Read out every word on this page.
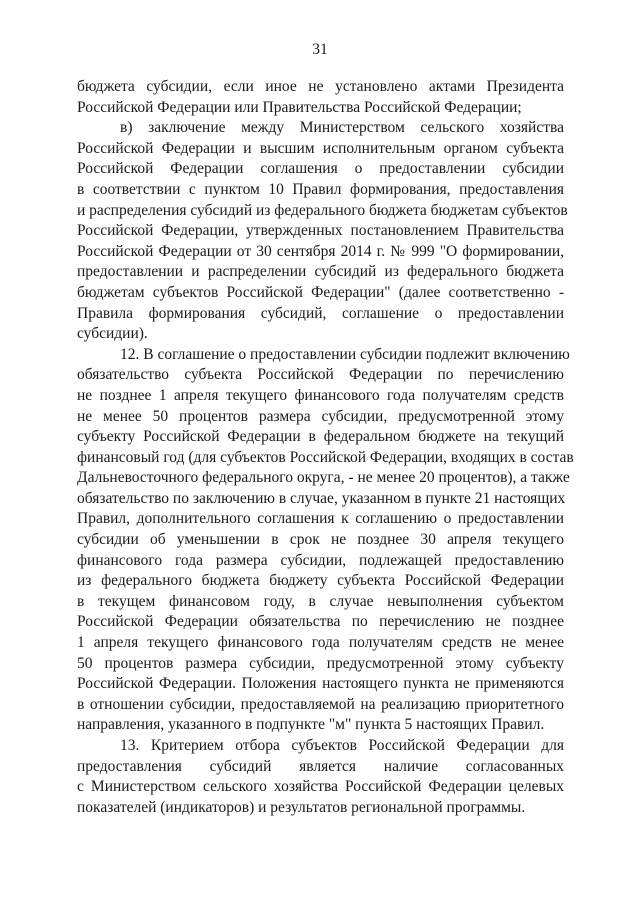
31
бюджета субсидии, если иное не установлено актами Президента
Российской Федерации или Правительства Российской Федерации;
в) заключение между Министерством сельского хозяйства
Российской Федерации и высшим исполнительным органом субъекта
Российской Федерации соглашения о предоставлении субсидии
в соответствии с пунктом 10 Правил формирования, предоставления
и распределения субсидий из федерального бюджета бюджетам субъектов
Российской Федерации, утвержденных постановлением Правительства
Российской Федерации от 30 сентября 2014 г. № 999 "О формировании,
предоставлении и распределении субсидий из федерального бюджета
бюджетам субъектов Российской Федерации" (далее соответственно -
Правила формирования субсидий, соглашение о предоставлении
субсидии).
12. В соглашение о предоставлении субсидии подлежит включению
обязательство субъекта Российской Федерации по перечислению
не позднее 1 апреля текущего финансового года получателям средств
не менее 50 процентов размера субсидии, предусмотренной этому
субъекту Российской Федерации в федеральном бюджете на текущий
финансовый год (для субъектов Российской Федерации, входящих в состав
Дальневосточного федерального округа, - не менее 20 процентов), а также
обязательство по заключению в случае, указанном в пункте 21 настоящих
Правил, дополнительного соглашения к соглашению о предоставлении
субсидии об уменьшении в срок не позднее 30 апреля текущего
финансового года размера субсидии, подлежащей предоставлению
из федерального бюджета бюджету субъекта Российской Федерации
в текущем финансовом году, в случае невыполнения субъектом
Российской Федерации обязательства по перечислению не позднее
1 апреля текущего финансового года получателям средств не менее
50 процентов размера субсидии, предусмотренной этому субъекту
Российской Федерации. Положения настоящего пункта не применяются
в отношении субсидии, предоставляемой на реализацию приоритетного
направления, указанного в подпункте "м" пункта 5 настоящих Правил.
13. Критерием отбора субъектов Российской Федерации для
предоставления субсидий является наличие согласованных
с Министерством сельского хозяйства Российской Федерации целевых
показателей (индикаторов) и результатов региональной программы.
